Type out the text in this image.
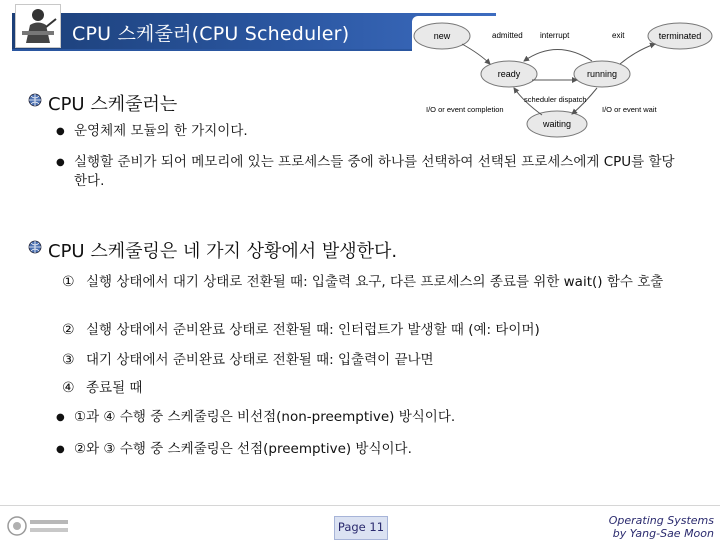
CPU 스케줄러(CPU Scheduler)	new	terminated
ready	running
waiting
admitted interrupt	exit
scheduler dispatch
I/O or event completion	I/O or event wait
CPU 스케줄러는
● 운영체제 모듈의 한 가지이다.
● 실행할 준비가 되어 메모리에 있는 프로세스들 중에 하나를 선택하여 선택된 프로세스에게 CPU를 할당한다.
CPU 스케줄링은 네 가지 상황에서 발생한다.
① 실행 상태에서 대기 상태로 전환될 때: 입출력 요구, 다른 프로세스의 종료를 위한 wait() 함수 호출
② 실행 상태에서 준비완료 상태로 전환될 때: 인터럽트가 발생할 때 (예: 타이머)
③ 대기 상태에서 준비완료 상태로 전환될 때: 입출력이 끝나면
④ 종료될 때
● ①과 ④ 수행 중 스케줄링은 비선점(non-preemptive) 방식이다.
● ②와 ③ 수행 중 스케줄링은 선점(preemptive) 방식이다.
Page 11	Operating Systems
by Yang-Sae Moon
